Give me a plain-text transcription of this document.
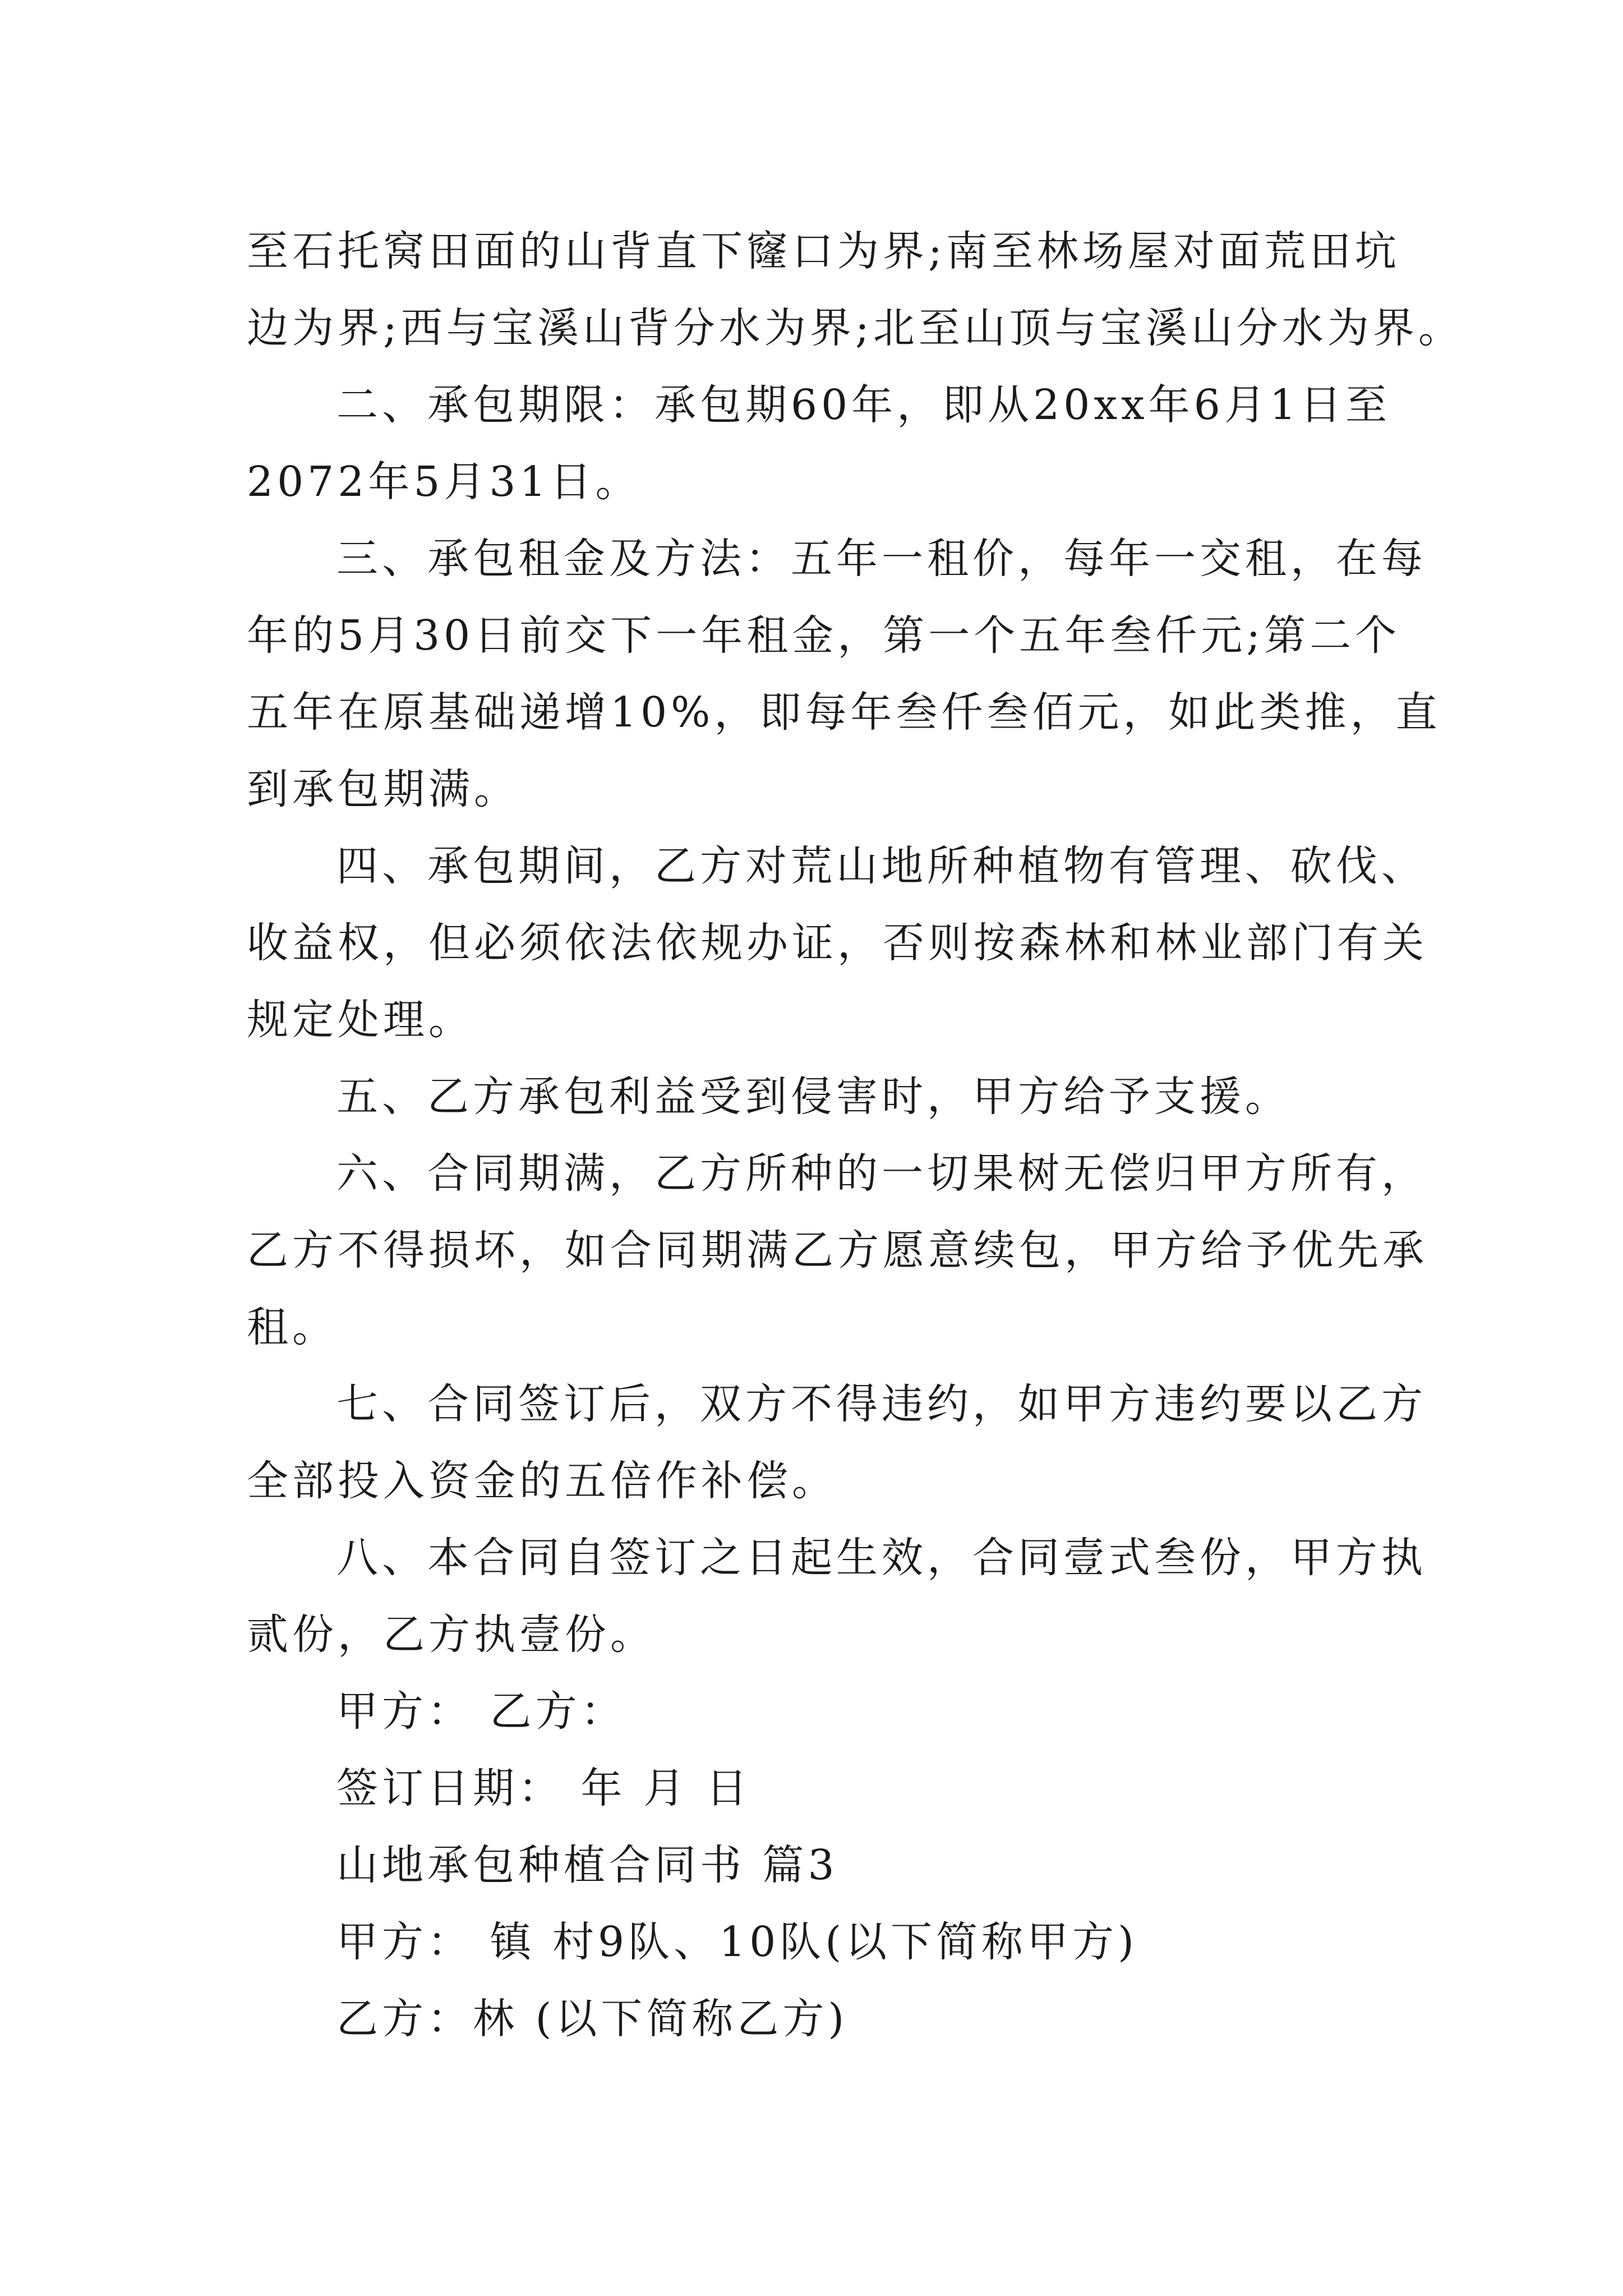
至石托窝田面的山背直下窿口为界;南至林场屋对面荒田坑
边为界;西与宝溪山背分水为界;北至山顶与宝溪山分水为界。
二、承包期限：承包期60年，即从20xx年6月1日至
2072年5月31日。
三、承包租金及方法：五年一租价，每年一交租，在每
年的5月30日前交下一年租金，第一个五年叁仟元;第二个
五年在原基础递增10%，即每年叁仟叁佰元，如此类推，直
到承包期满。
四、承包期间，乙方对荒山地所种植物有管理、砍伐、
收益权，但必须依法依规办证，否则按森林和林业部门有关
规定处理。
五、乙方承包利益受到侵害时，甲方给予支援。
六、合同期满，乙方所种的一切果树无偿归甲方所有，
乙方不得损坏，如合同期满乙方愿意续包，甲方给予优先承
租。
七、合同签订后，双方不得违约，如甲方违约要以乙方
全部投入资金的五倍作补偿。
八、本合同自签订之日起生效，合同壹式叁份，甲方执
贰份，乙方执壹份。
甲方： 乙方：
签订日期： 年 月 日
山地承包种植合同书 篇3
甲方： 镇 村9队、10队(以下简称甲方)
乙方：林 (以下简称乙方)
